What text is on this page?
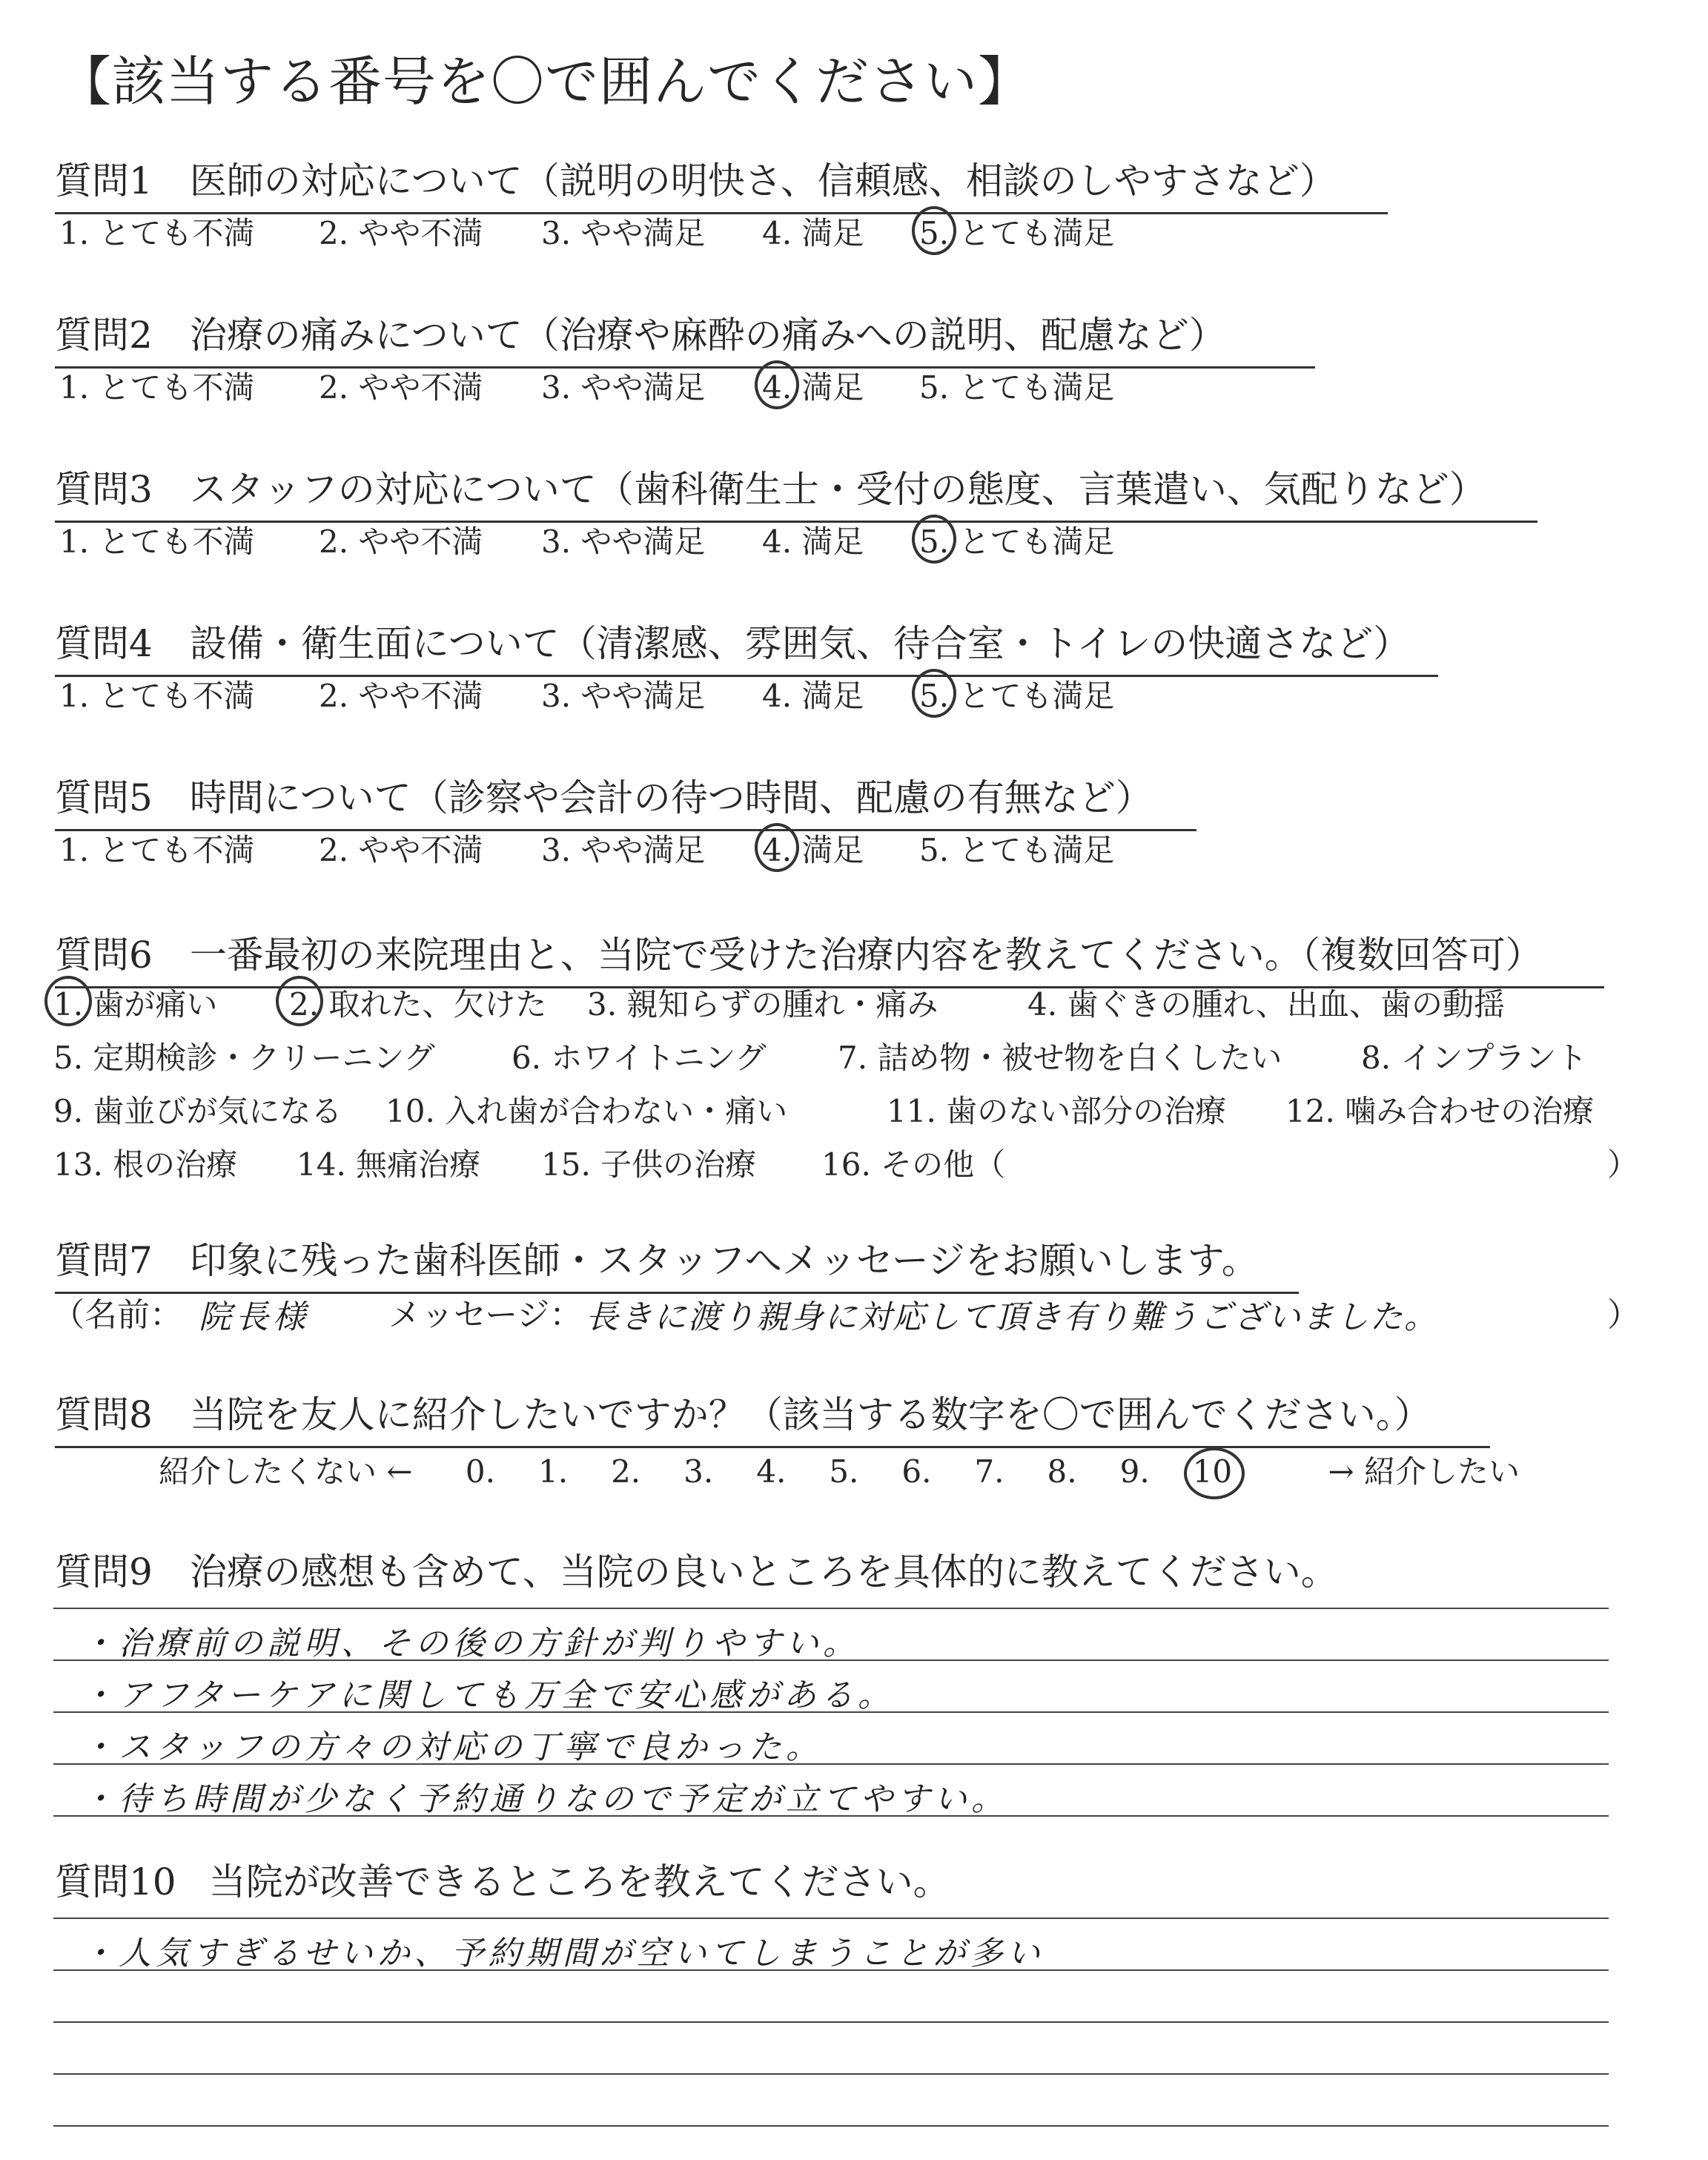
【該当する番号を〇で囲んでください】
質問1 医師の対応について（説明の明快さ、信頼感、相談のしやすさなど）
1. とても不満 2. やや不満 3. やや満足 4. 満足 5. とても満足
質問2 治療の痛みについて（治療や麻酔の痛みへの説明、配慮など）
1. とても不満 2. やや不満 3. やや満足 4. 満足 5. とても満足
質問3 スタッフの対応について（歯科衛生士・受付の態度、言葉遣い、気配りなど）
1. とても不満 2. やや不満 3. やや満足 4. 満足 5. とても満足
質問4 設備・衛生面について（清潔感、雰囲気、待合室・トイレの快適さなど）
1. とても不満 2. やや不満 3. やや満足 4. 満足 5. とても満足
質問5 時間について（診察や会計の待つ時間、配慮の有無など）
1. とても不満 2. やや不満 3. やや満足 4. 満足 5. とても満足
質問6 一番最初の来院理由と、当院で受けた治療内容を教えてください。（複数回答可）
1. 歯が痛い 2. 取れた、欠けた 3. 親知らずの腫れ・痛み	4. 歯ぐきの腫れ、出血、歯の動揺
5. 定期検診・クリーニング 6. ホワイトニング 7. 詰め物・被せ物を白くしたい	8. インプラント
9. 歯並びが気になる 10. 入れ歯が合わない・痛い	11. 歯のない部分の治療 12. 噛み合わせの治療
13. 根の治療 14. 無痛治療 15. 子供の治療 16. その他（	）
質問7 印象に残った歯科医師・スタッフへメッセージをお願いします。
（名前： 院長様 メッセージ： 長きに渡り親身に対応して頂き有り難うございました。	）
質問8 当院を友人に紹介したいですか？（該当する数字を〇で囲んでください。）
紹介したくない ← 0. 1. 2. 3. 4. 5. 6. 7. 8. 9. 10	→ 紹介したい
質問9 治療の感想も含めて、当院の良いところを具体的に教えてください。
・治療前の説明、その後の方針が判りやすい。
・アフターケアに関しても万全で安心感がある。
・スタッフの方々の対応の丁寧で良かった。
・待ち時間が少なく予約通りなので予定が立てやすい。
質問10 当院が改善できるところを教えてください。
・人気すぎるせいか、予約期間が空いてしまうことが多い
